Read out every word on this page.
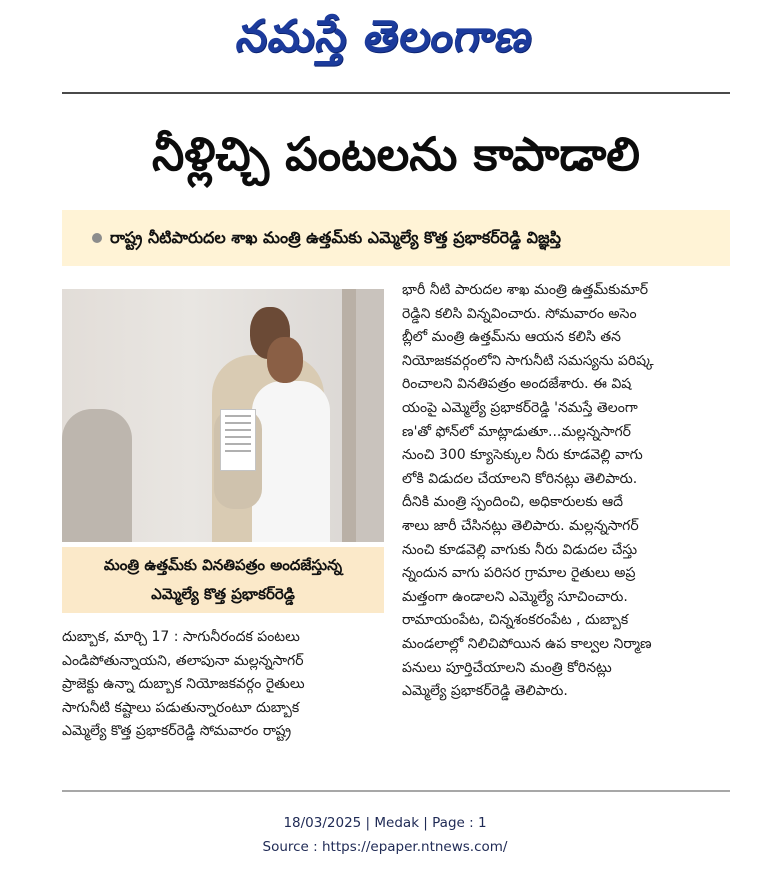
నమస్తే తెలంగాణ
నీళ్లిచ్చి పంటలను కాపాడాలి
రాష్ట్ర నీటిపారుదల శాఖ మంత్రి ఉత్తమ్‌కు ఎమ్మెల్యే కొత్త ప్రభాకర్‌రెడ్డి విజ్ఞప్తి
మంత్రి ఉత్తమ్‌కు వినతిపత్రం అందజేస్తున్న
ఎమ్మెల్యే కొత్త ప్రభాకర్‌రెడ్డి
దుబ్బాక, మార్చి 17 : సాగునీరందక పంటలు
ఎండిపోతున్నాయని, తలాపునా మల్లన్నసాగర్
ప్రాజెక్టు ఉన్నా దుబ్బాక నియోజకవర్గం రైతులు
సాగునీటి కష్టాలు పడుతున్నారంటూ దుబ్బాక
ఎమ్మెల్యే కొత్త ప్రభాకర్‌రెడ్డి సోమవారం రాష్ట్ర
భారీ నీటి పారుదల శాఖ మంత్రి ఉత్తమ్‌కుమార్
రెడ్డిని కలిసి విన్నవించారు. సోమవారం అసెం
బ్లీలో మంత్రి ఉత్తమ్‌ను ఆయన కలిసి తన
నియోజకవర్గంలోని సాగునీటి సమస్యను పరిష్క
రించాలని వినతిపత్రం అందజేశారు. ఈ విష
యంపై ఎమ్మెల్యే ప్రభాకర్‌రెడ్డి 'నమస్తే తెలంగా
ణ'తో ఫోన్‌లో మాట్లాడుతూ...మల్లన్నసాగర్
నుంచి 300 క్యూసెక్కుల నీరు కూడవెల్లి వాగు
లోకి విడుదల చేయాలని కోరినట్లు తెలిపారు.
దీనికి మంత్రి స్పందించి, అధికారులకు ఆదే
శాలు జారీ చేసినట్లు తెలిపారు. మల్లన్నసాగర్
నుంచి కూడవెల్లి వాగుకు నీరు విడుదల చేస్తు
న్నందున వాగు పరిసర గ్రామాల రైతులు అప్ర
మత్తంగా ఉండాలని ఎమ్మెల్యే సూచించారు.
రామాయంపేట, చిన్నశంకరంపేట , దుబ్బాక
మండలాల్లో నిలిచిపోయిన ఉప కాల్వల నిర్మాణ
పనులు పూర్తిచేయాలని మంత్రి కోరినట్లు
ఎమ్మెల్యే ప్రభాకర్‌రెడ్డి తెలిపారు.
18/03/2025 | Medak | Page : 1
Source : https://epaper.ntnews.com/
